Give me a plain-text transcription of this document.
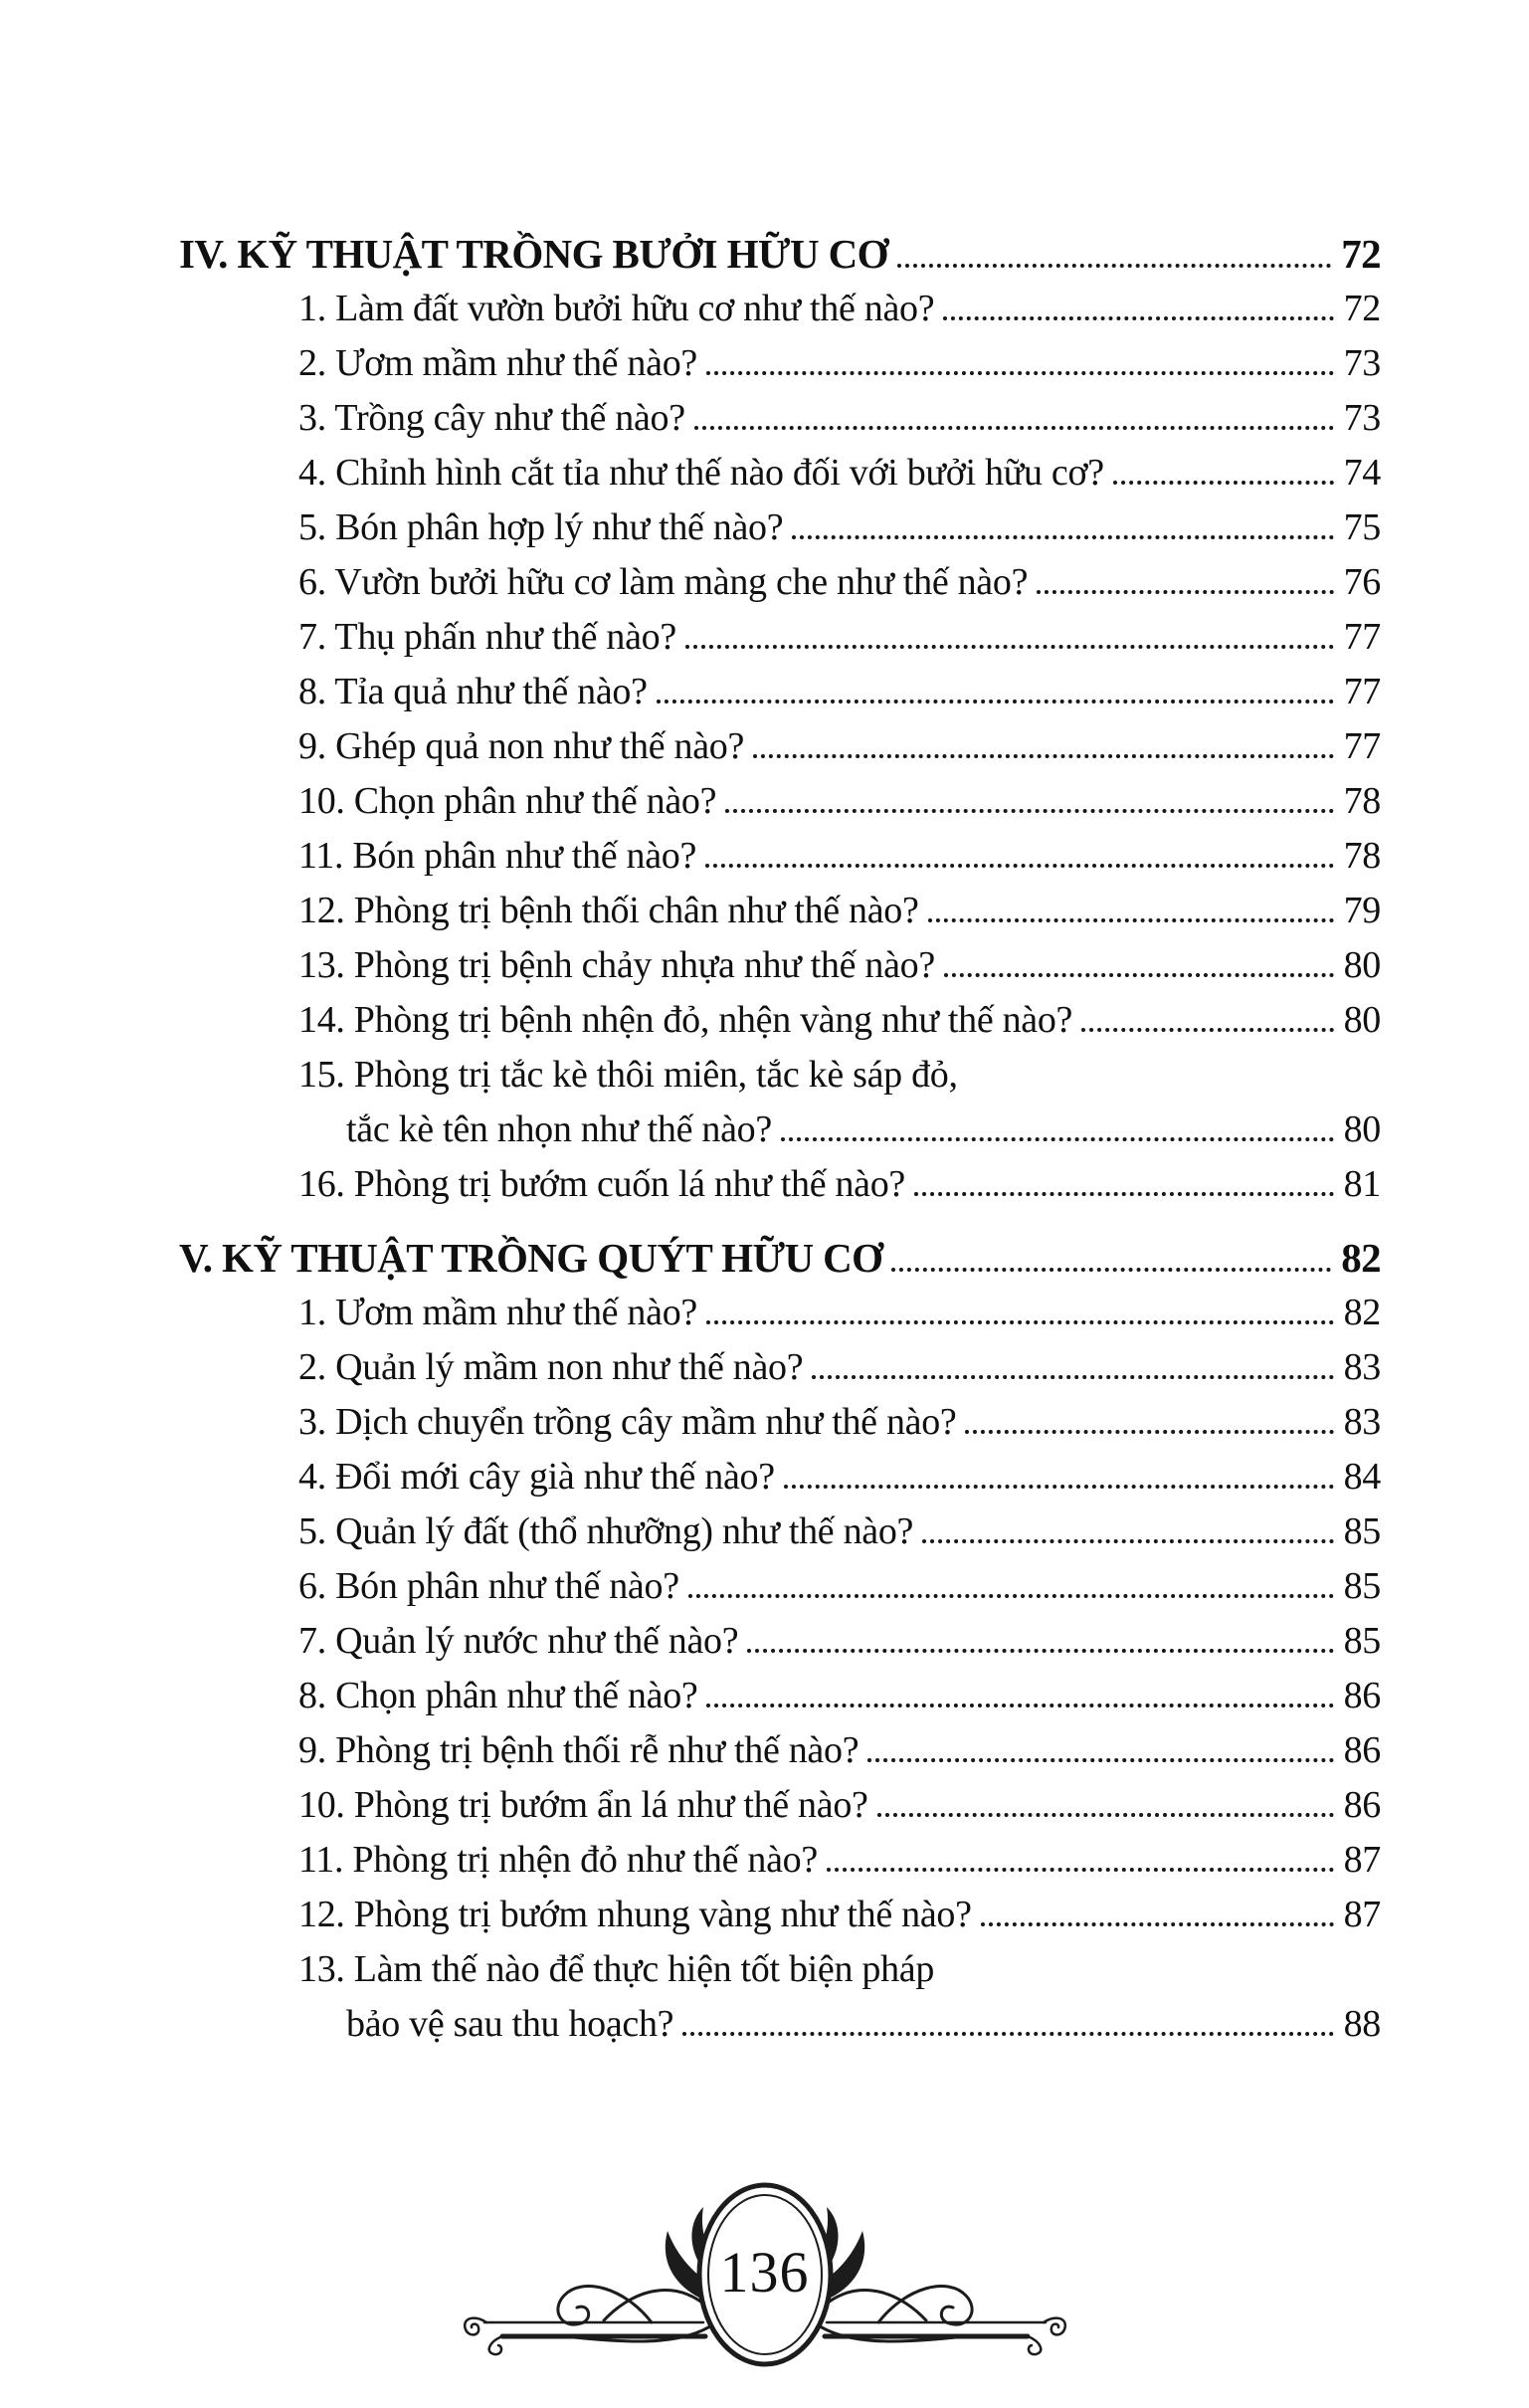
IV. KỸ THUẬT TRỒNG BƯỞI HỮU CƠ	72
1. Làm đất vườn bưởi hữu cơ như thế nào?	72
2. Ươm mầm như thế nào?	73
3. Trồng cây như thế nào?	73
4. Chỉnh hình cắt tỉa như thế nào đối với bưởi hữu cơ?	74
5. Bón phân hợp lý như thế nào?	75
6. Vườn bưởi hữu cơ làm màng che như thế nào?	76
7. Thụ phấn như thế nào?	77
8. Tỉa quả như thế nào?	77
9. Ghép quả non như thế nào?	77
10. Chọn phân như thế nào?	78
11. Bón phân như thế nào?	78
12. Phòng trị bệnh thối chân như thế nào?	79
13. Phòng trị bệnh chảy nhựa như thế nào?	80
14. Phòng trị bệnh nhện đỏ, nhện vàng như thế nào?	80
15. Phòng trị tắc kè thôi miên, tắc kè sáp đỏ,
tắc kè tên nhọn như thế nào?	80
16. Phòng trị bướm cuốn lá như thế nào?	81
V. KỸ THUẬT TRỒNG QUÝT HỮU CƠ	82
1. Ươm mầm như thế nào?	82
2. Quản lý mầm non như thế nào?	83
3. Dịch chuyển trồng cây mầm như thế nào?	83
4. Đổi mới cây già như thế nào?	84
5. Quản lý đất (thổ nhưỡng) như thế nào?	85
6. Bón phân như thế nào?	85
7. Quản lý nước như thế nào?	85
8. Chọn phân như thế nào?	86
9. Phòng trị bệnh thối rễ như thế nào?	86
10. Phòng trị bướm ẩn lá như thế nào?	86
11. Phòng trị nhện đỏ như thế nào?	87
12. Phòng trị bướm nhung vàng như thế nào?	87
13. Làm thế nào để thực hiện tốt biện pháp
bảo vệ sau thu hoạch?	88
136
